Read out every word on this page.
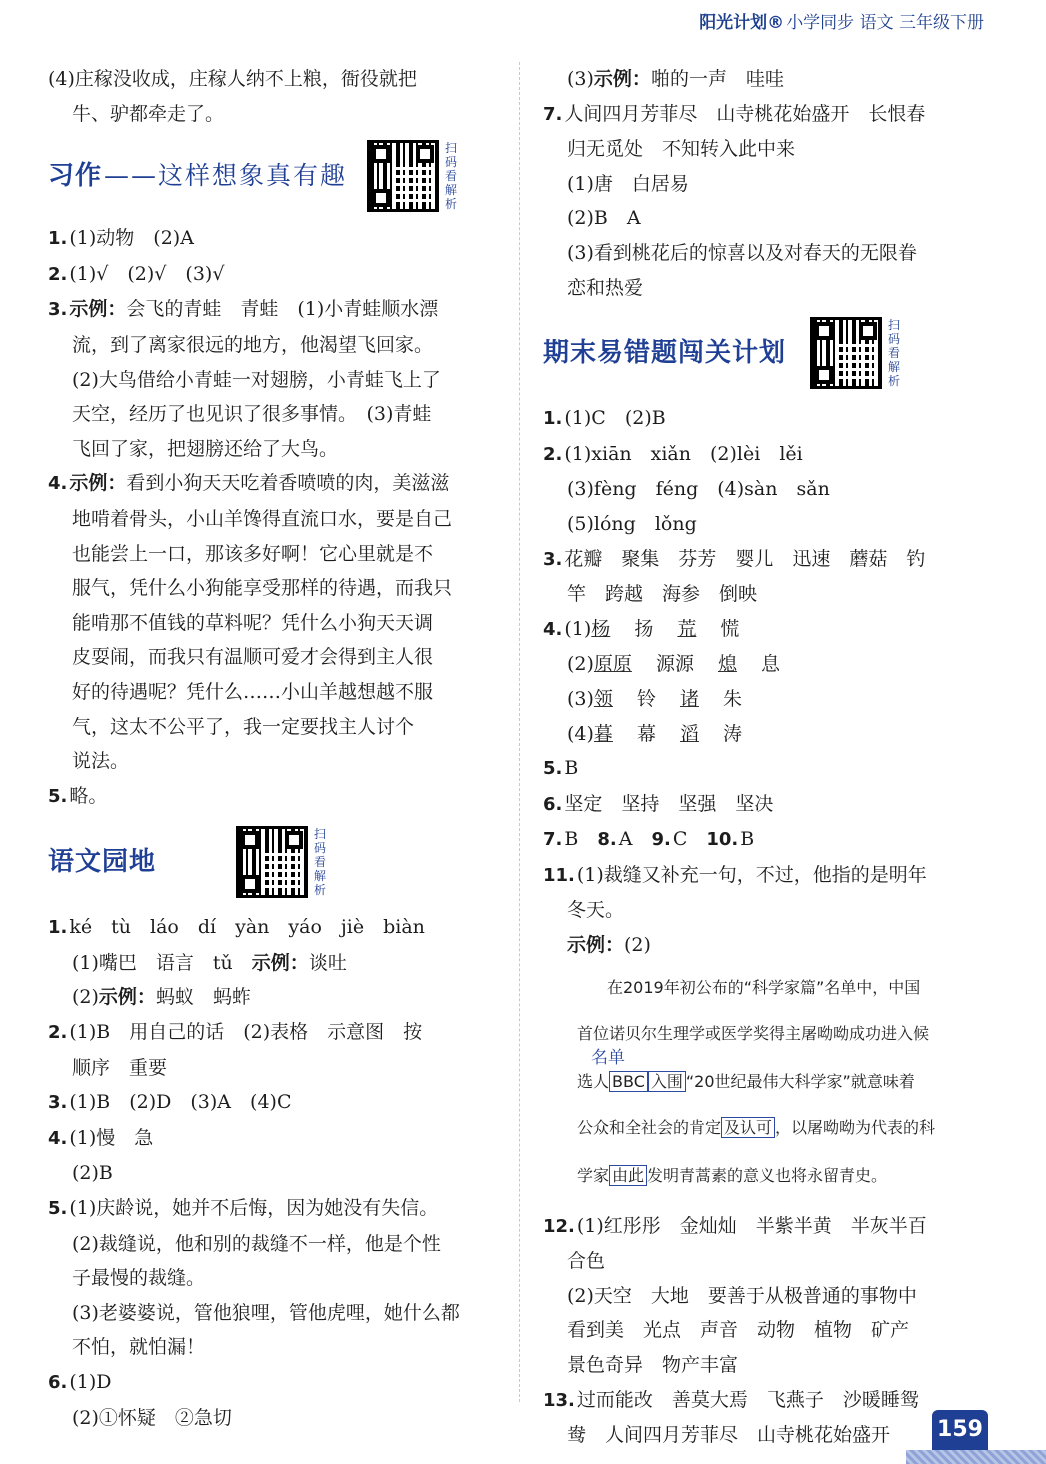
阳光计划® 小学同步 语文 三年级下册
(4)庄稼没收成，庄稼人纳不上粮，衙役就把
牛、驴都牵走了。
习作 ——这样想象真有趣
扫码看解析
1. (1)动物　(2)A
2. (1)√　(2)√　(3)√
3. 示例：会飞的青蛙　青蛙　(1)小青蛙顺水漂
流，到了离家很远的地方，他渴望飞回家。
(2)大鸟借给小青蛙一对翅膀，小青蛙飞上了
天空，经历了也见识了很多事情。　(3)青蛙
飞回了家，把翅膀还给了大鸟。
4. 示例：看到小狗天天吃着香喷喷的肉，美滋滋
地啃着骨头，小山羊馋得直流口水，要是自己
也能尝上一口，那该多好啊！它心里就是不
服气，凭什么小狗能享受那样的待遇，而我只
能啃那不值钱的草料呢？凭什么小狗天天调
皮耍闹，而我只有温顺可爱才会得到主人很
好的待遇呢？凭什么……小山羊越想越不服
气，这太不公平了，我一定要找主人讨个
说法。
5. 略。
语文园地
扫码看解析
1. ké　tù　láo　dí　yàn　yáo　jiè　biàn
(1)嘴巴　语言　tǔ　示例：谈吐
(2)示例：蚂蚁　蚂蚱
2. (1)B　用自己的话　(2)表格　示意图　按
顺序　重要
3. (1)B　(2)D　(3)A　(4)C
4. (1)慢　急
(2)B
5. (1)庆龄说，她并不后悔，因为她没有失信。
(2)裁缝说，他和别的裁缝不一样，他是个性
子最慢的裁缝。
(3)老婆婆说，管他狼哩，管他虎哩，她什么都
不怕，就怕漏！
6. (1)D
(2)①怀疑　②急切
(3)示例：啪的一声　哇哇
7. 人间四月芳菲尽　山寺桃花始盛开　长恨春
归无觅处　不知转入此中来
(1)唐　白居易
(2)B　A
(3)看到桃花后的惊喜以及对春天的无限眷
恋和热爱
期末易错题闯关计划
扫码看解析
1. (1)C　(2)B
2. (1)xiān　xiǎn　(2)lèi　lěi
(3)fèng　féng　(4)sàn　sǎn
(5)lóng　lǒng
3. 花瓣　聚集　芬芳　婴儿　迅速　蘑菇　钓
竿　跨越　海参　倒映
4. (1)杨 扬 荒 慌
(2)原原 源源 熄 息
(3)领 铃 诸 朱
(4)暮 幕 滔 涛
5. B
6. 坚定　坚持　坚强　坚决
7. B　8. A　9. C　10. B
11. (1)裁缝又补充一句，不过，他指的是明年
冬天。
示例：(2)
在2019年初公布的“科学家篇”名单中，中国
首位诺贝尔生理学或医学奖得主屠呦呦成功进入候
名单
选人 BBC 入围 “20世纪最伟大科学家”就意味着
公众和全社会的肯定 及认可 ，以屠呦呦为代表的科
学家 由此 发明青蒿素的意义也将永留青史。
12. (1)红彤彤　金灿灿　半紫半黄　半灰半百
合色
(2)天空　大地　要善于从极普通的事物中
看到美　光点　声音　动物　植物　矿产
景色奇异　物产丰富
13. 过而能改　善莫大焉　飞燕子　沙暖睡鸳
鸯　人间四月芳菲尽　山寺桃花始盛开	159
